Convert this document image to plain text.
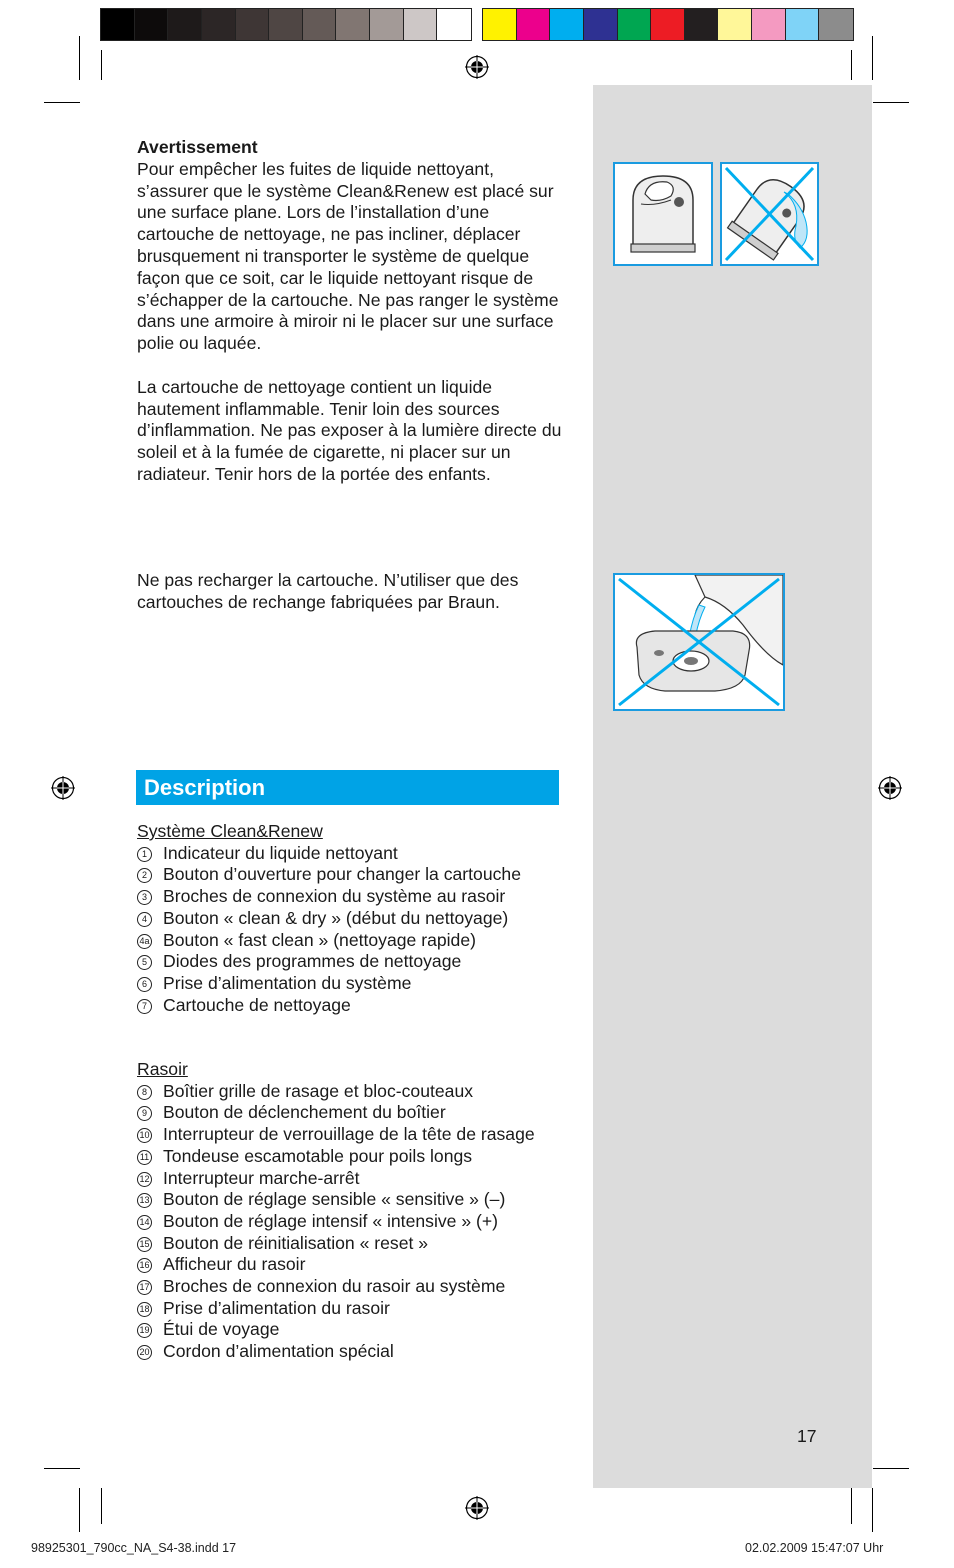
Avertissement

Pour empêcher les fuites de liquide nettoyant, s’assurer que le système Clean&Renew est placé sur une surface plane. Lors de l’installation d’une cartouche de nettoyage, ne pas incliner, déplacer brusquement ni transporter le système de quelque façon que ce soit, car le liquide nettoyant risque de s’échapper de la cartouche. Ne pas ranger le système dans une armoire à miroir ni le placer sur une surface polie ou laquée.

La cartouche de nettoyage contient un liquide hautement inflammable. Tenir loin des sources d’inflammation. Ne pas exposer à la lumière directe du soleil et à la fumée de cigarette, ni placer sur un radiateur. Tenir hors de la portée des enfants.

Ne pas recharger la cartouche. N’utiliser que des cartouches de rechange fabriquées par Braun.

Description
Système Clean&Renew
1 Indicateur du liquide nettoyant
2 Bouton d’ouverture pour changer la cartouche
3 Broches de connexion du système au rasoir
4 Bouton « clean & dry » (début du nettoyage)
4a Bouton « fast clean » (nettoyage rapide)
5 Diodes des programmes de nettoyage
6 Prise d’alimentation du système
7 Cartouche de nettoyage
Rasoir
8 Boîtier grille de rasage et bloc-couteaux
9 Bouton de déclenchement du boîtier
10 Interrupteur de verrouillage de la tête de rasage
11 Tondeuse escamotable pour poils longs
12 Interrupteur marche-arrêt
13 Bouton de réglage sensible « sensitive » (–)
14 Bouton de réglage intensif « intensive » (+)
15 Bouton de réinitialisation « reset »
16 Afficheur du rasoir
17 Broches de connexion du rasoir au système
18 Prise d’alimentation du rasoir
19 Étui de voyage
20 Cordon d’alimentation spécial
17
98925301_790cc_NA_S4-38.indd 17	02.02.2009 15:47:07 Uhr
